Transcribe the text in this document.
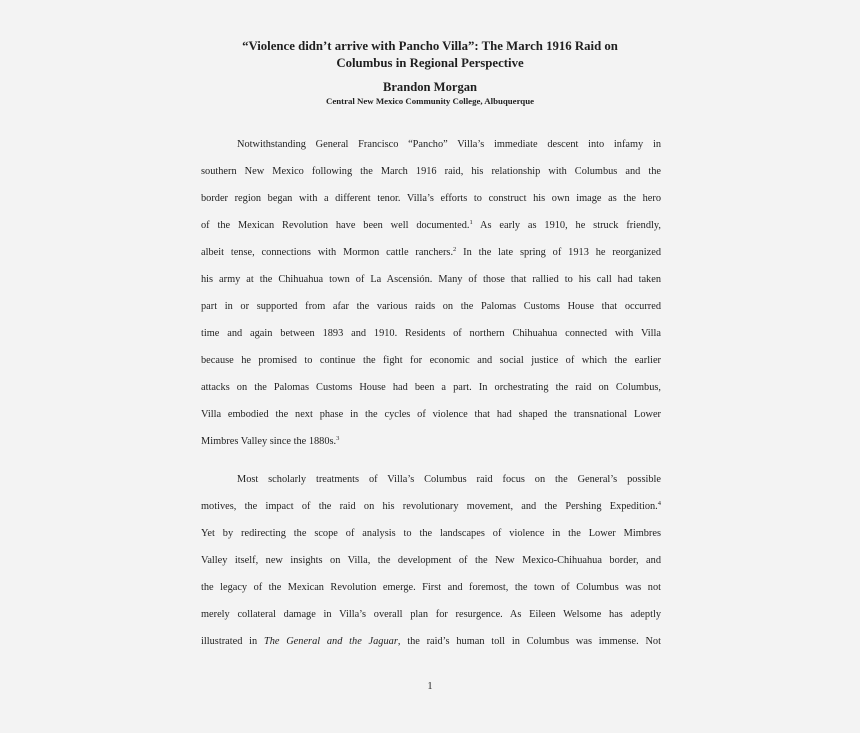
“Violence didn’t arrive with Pancho Villa”: The March 1916 Raid on
Columbus in Regional Perspective
Brandon Morgan
Central New Mexico Community College, Albuquerque
Notwithstanding General Francisco “Pancho” Villa’s immediate descent into infamy in
southern New Mexico following the March 1916 raid, his relationship with Columbus and the
border region began with a different tenor. Villa’s efforts to construct his own image as the hero
of the Mexican Revolution have been well documented.$^1$ As early as 1910, he struck friendly,
albeit tense, connections with Mormon cattle ranchers.$^2$ In the late spring of 1913 he reorganized
his army at the Chihuahua town of La Ascensión. Many of those that rallied to his call had taken
part in or supported from afar the various raids on the Palomas Customs House that occurred
time and again between 1893 and 1910. Residents of northern Chihuahua connected with Villa
because he promised to continue the fight for economic and social justice of which the earlier
attacks on the Palomas Customs House had been a part. In orchestrating the raid on Columbus,
Villa embodied the next phase in the cycles of violence that had shaped the transnational Lower
Mimbres Valley since the 1880s.$^3$
Most scholarly treatments of Villa’s Columbus raid focus on the General’s possible
motives, the impact of the raid on his revolutionary movement, and the Pershing Expedition.$^4$
Yet by redirecting the scope of analysis to the landscapes of violence in the Lower Mimbres
Valley itself, new insights on Villa, the development of the New Mexico-Chihuahua border, and
the legacy of the Mexican Revolution emerge. First and foremost, the town of Columbus was not
merely collateral damage in Villa’s overall plan for resurgence. As Eileen Welsome has adeptly
illustrated in The General and the Jaguar, the raid’s human toll in Columbus was immense. Not
1
